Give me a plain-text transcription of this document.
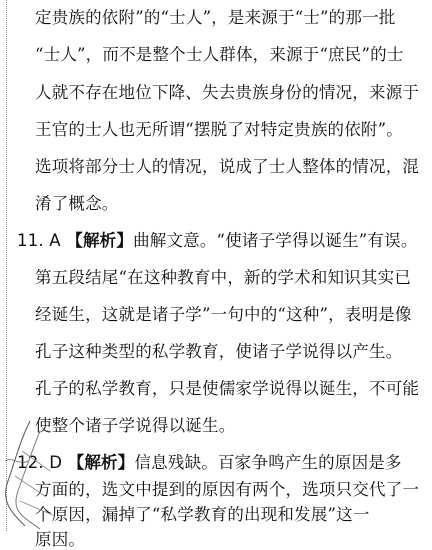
定贵族的依附”的“士人”，是来源于“士”的那一批
“士人”，而不是整个士人群体，来源于“庶民”的士
人就不存在地位下降、失去贵族身份的情况，来源于
王官的士人也无所谓“摆脱了对特定贵族的依附”。
选项将部分士人的情况，说成了士人整体的情况，混
淆了概念。
11. A 【解析】曲解文意。“使诸子学得以诞生”有误。
第五段结尾“在这种教育中，新的学术和知识其实已
经诞生，这就是诸子学”一句中的“这种”，表明是像
孔子这种类型的私学教育，使诸子学说得以产生。
孔子的私学教育，只是使儒家学说得以诞生，不可能
使整个诸子学说得以诞生。
12. D 【解析】信息残缺。百家争鸣产生的原因是多
方面的，选文中提到的原因有两个，选项只交代了一
个原因，漏掉了“私学教育的出现和发展”这一
原因。
